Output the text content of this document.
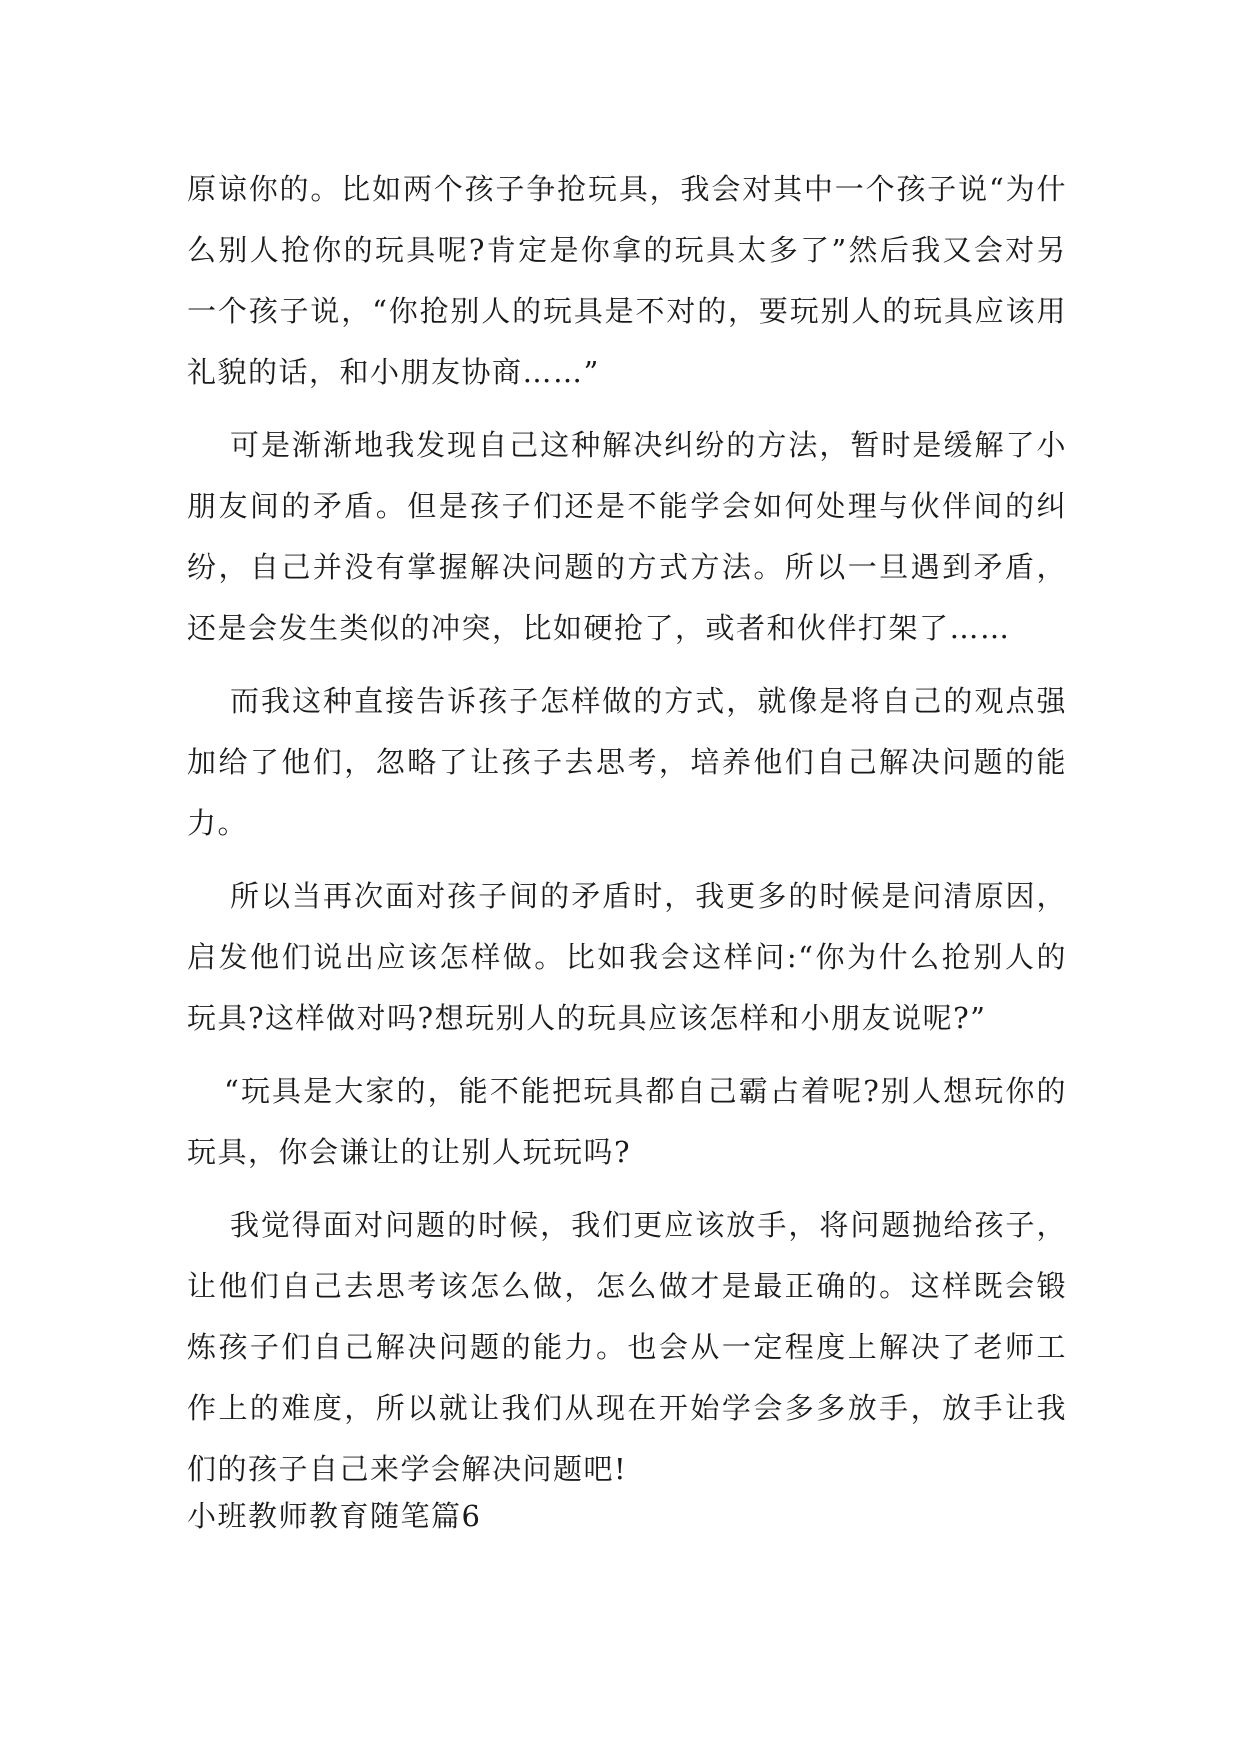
原谅你的。比如两个孩子争抢玩具，我会对其中一个孩子说“为什么别人抢你的玩具呢?肯定是你拿的玩具太多了”然后我又会对另一个孩子说，“你抢别人的玩具是不对的，要玩别人的玩具应该用礼貌的话，和小朋友协商……”

可是渐渐地我发现自己这种解决纠纷的方法，暂时是缓解了小朋友间的矛盾。但是孩子们还是不能学会如何处理与伙伴间的纠纷，自己并没有掌握解决问题的方式方法。所以一旦遇到矛盾，还是会发生类似的冲突，比如硬抢了，或者和伙伴打架了……

而我这种直接告诉孩子怎样做的方式，就像是将自己的观点强加给了他们，忽略了让孩子去思考，培养他们自己解决问题的能力。

所以当再次面对孩子间的矛盾时，我更多的时候是问清原因，启发他们说出应该怎样做。比如我会这样问:“你为什么抢别人的玩具?这样做对吗?想玩别人的玩具应该怎样和小朋友说呢?”

“玩具是大家的，能不能把玩具都自己霸占着呢?别人想玩你的玩具，你会谦让的让别人玩玩吗?

我觉得面对问题的时候，我们更应该放手，将问题抛给孩子，让他们自己去思考该怎么做，怎么做才是最正确的。这样既会锻炼孩子们自己解决问题的能力。也会从一定程度上解决了老师工作上的难度，所以就让我们从现在开始学会多多放手，放手让我们的孩子自己来学会解决问题吧!

小班教师教育随笔篇6
